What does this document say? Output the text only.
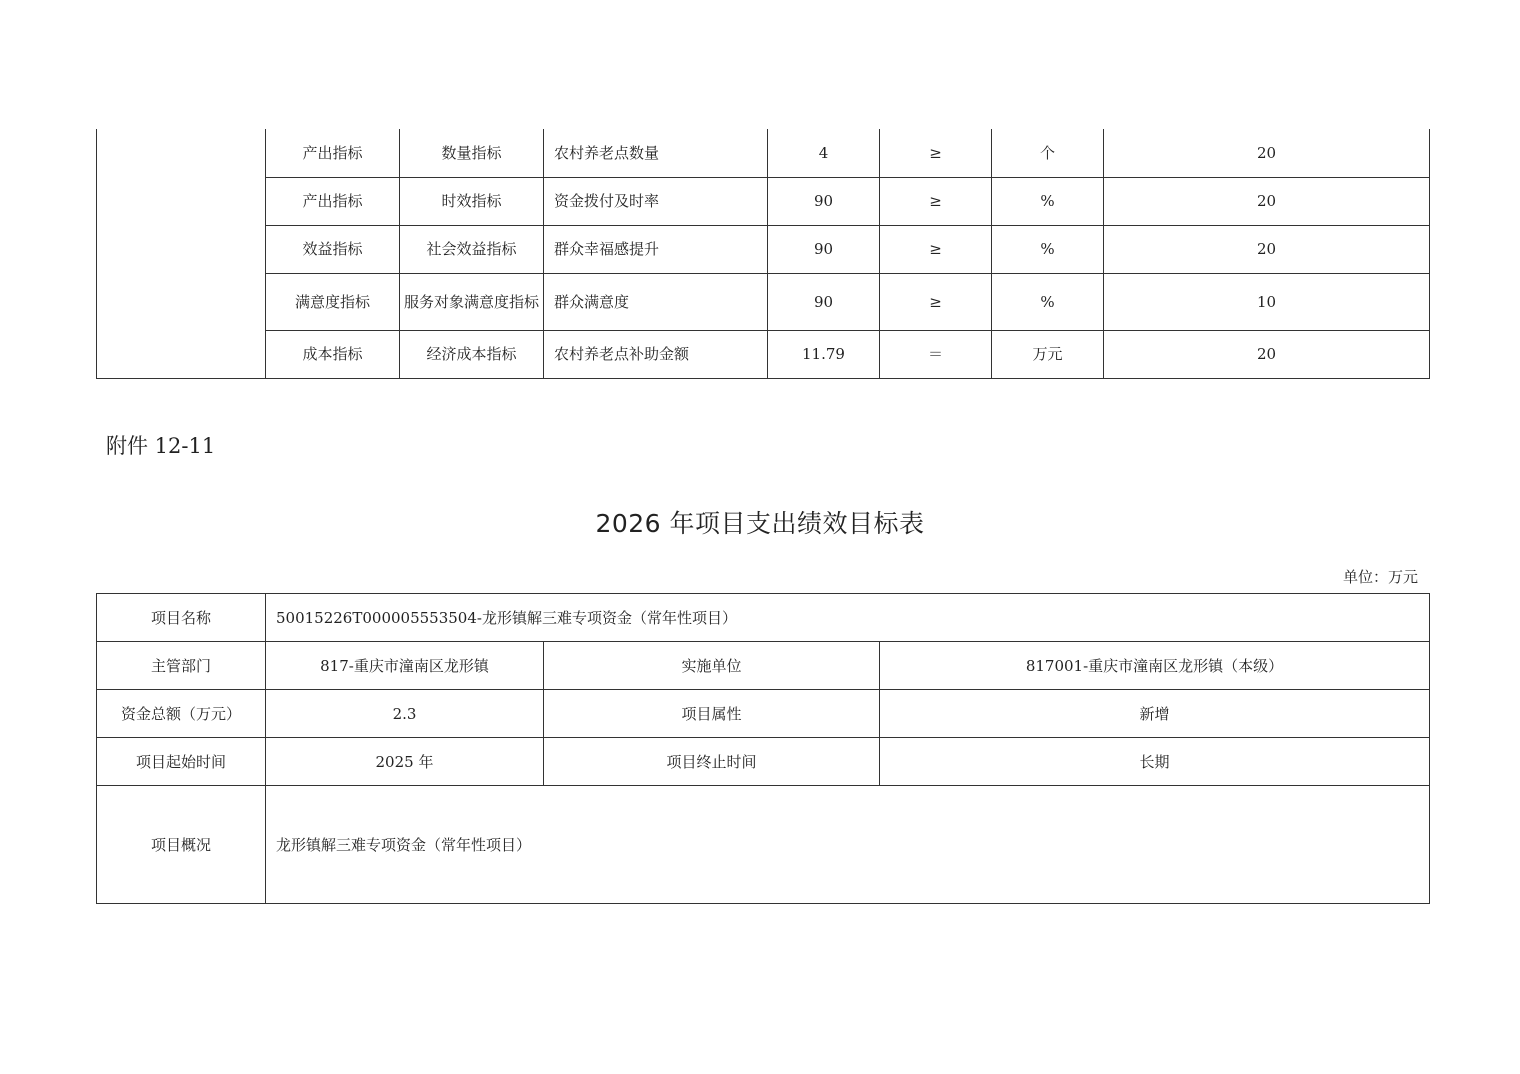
	产出指标	数量指标	农村养老点数量	4	≥	个	20
	产出指标	时效指标	资金拨付及时率	90	≥	%	20
	效益指标	社会效益指标	群众幸福感提升	90	≥	%	20
	满意度指标	服务对象满意度指标	群众满意度	90	≥	%	10
	成本指标	经济成本指标	农村养老点补助金额	11.79	＝	万元	20
附件 12-11
2026 年项目支出绩效目标表
单位：万元
项目名称	50015226T000005553504-龙形镇解三难专项资金（常年性项目）		
主管部门	817-重庆市潼南区龙形镇	实施单位	817001-重庆市潼南区龙形镇（本级）
资金总额（万元）	2.3	项目属性	新增
项目起始时间	2025 年	项目终止时间	长期
项目概况	龙形镇解三难专项资金（常年性项目）		
